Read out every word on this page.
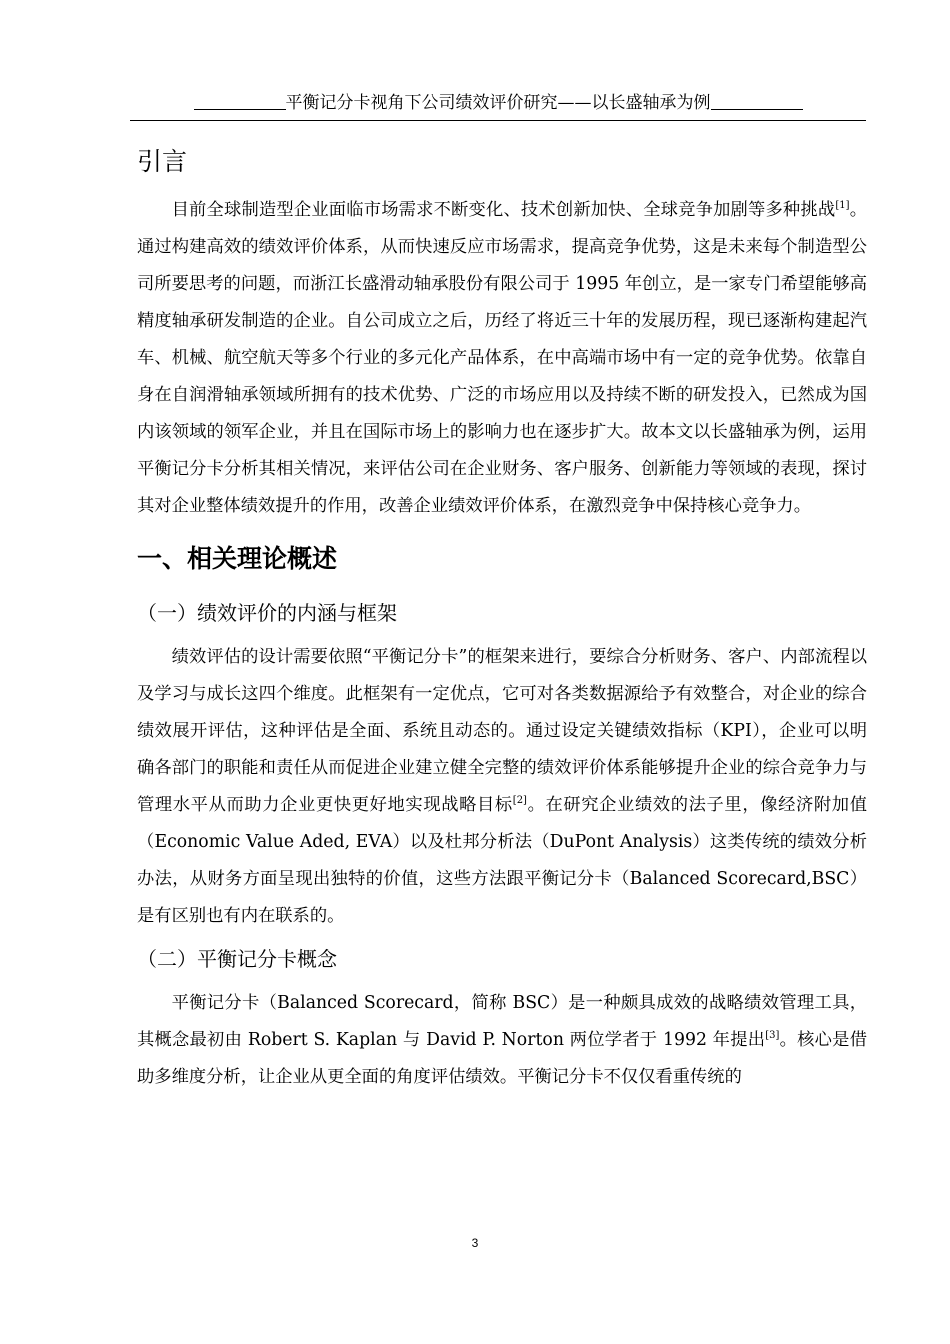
平衡记分卡视角下公司绩效评价研究——以长盛轴承为例
引言

目前全球制造型企业面临市场需求不断变化、技术创新加快、全球竞争加剧等多种挑战[1]。通过构建高效的绩效评价体系，从而快速反应市场需求，提高竞争优势，这是未来每个制造型公司所要思考的问题，而浙江长盛滑动轴承股份有限公司于 1995 年创立，是一家专门希望能够高精度轴承研发制造的企业。自公司成立之后，历经了将近三十年的发展历程，现已逐渐构建起汽车、机械、航空航天等多个行业的多元化产品体系，在中高端市场中有一定的竞争优势。依靠自身在自润滑轴承领域所拥有的技术优势、广泛的市场应用以及持续不断的研发投入，已然成为国内该领域的领军企业，并且在国际市场上的影响力也在逐步扩大。故本文以长盛轴承为例，运用平衡记分卡分析其相关情况，来评估公司在企业财务、客户服务、创新能力等领域的表现，探讨其对企业整体绩效提升的作用，改善企业绩效评价体系，在激烈竞争中保持核心竞争力。

一、相关理论概述
（一）绩效评价的内涵与框架

绩效评估的设计需要依照“平衡记分卡”的框架来进行，要综合分析财务、客户、内部流程以及学习与成长这四个维度。此框架有一定优点，它可对各类数据源给予有效整合，对企业的综合绩效展开评估，这种评估是全面、系统且动态的。通过设定关键绩效指标（KPI），企业可以明确各部门的职能和责任从而促进企业建立健全完整的绩效评价体系能够提升企业的综合竞争力与管理水平从而助力企业更快更好地实现战略目标[2]。在研究企业绩效的法子里，像经济附加值（Economic Value Aded, EVA）以及杜邦分析法（DuPont Analysis）这类传统的绩效分析办法，从财务方面呈现出独特的价值，这些方法跟平衡记分卡（Balanced Scorecard,BSC）是有区别也有内在联系的。

（二）平衡记分卡概念

平衡记分卡（Balanced Scorecard，简称 BSC）是一种颇具成效的战略绩效管理工具，其概念最初由 Robert S. Kaplan 与 David P. Norton 两位学者于 1992 年提出[3]。核心是借助多维度分析，让企业从更全面的角度评估绩效。平衡记分卡不仅仅看重传统的

3
